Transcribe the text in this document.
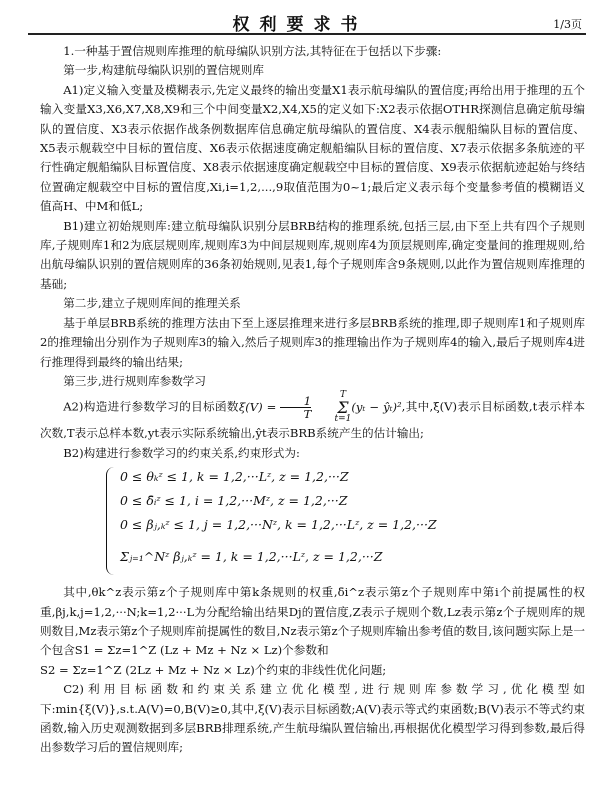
权利要求书	1/3页

1.一种基于置信规则库推理的航母编队识别方法,其特征在于包括以下步骤:

第一步,构建航母编队识别的置信规则库

A1)定义输入变量及模糊表示,先定义最终的输出变量X1表示航母编队的置信度;再给出用于推理的五个输入变量X3,X6,X7,X8,X9和三个中间变量X2,X4,X5的定义如下:X2表示依据OTHR探测信息确定航母编队的置信度、X3表示依据作战条例数据库信息确定航母编队的置信度、X4表示舰船编队目标的置信度、X5表示舰载空中目标的置信度、X6表示依据速度确定舰船编队目标的置信度、X7表示依据多条航迹的平行性确定舰船编队目标置信度、X8表示依据速度确定舰载空中目标的置信度、X9表示依据航迹起始与终结位置确定舰载空中目标的置信度,Xi,i=1,2,...,9取值范围为0~1;最后定义表示每个变量参考值的模糊语义值高H、中M和低L;

B1)建立初始规则库:建立航母编队识别分层BRB结构的推理系统,包括三层,由下至上共有四个子规则库,子规则库1和2为底层规则库,规则库3为中间层规则库,规则库4为顶层规则库,确定变量间的推理规则,给出航母编队识别的置信规则库的36条初始规则,见表1,每个子规则库含9条规则,以此作为置信规则库推理的基础;

第二步,建立子规则库间的推理关系

基于单层BRB系统的推理方法由下至上逐层推理来进行多层BRB系统的推理,即子规则库1和子规则库2的推理输出分别作为子规则库3的输入,然后子规则库3的推理输出作为子规则库4的输入,最后子规则库4进行推理得到最终的输出结果;

第三步,进行规则库参数学习

A2)构造进行参数学习的目标函数$\xi(V) = \frac{1}{T}$	T
Σ
t=1
(yₜ − ŷₜ)²,其中,ξ(V)表示目标函数,t表示样本次数,T表示总样本数,yt表示实际系统输出,ŷt表示BRB系统产生的估计输出;

B2)构建进行参数学习的约束关系,约束形式为:

0 ≤ θₖᶻ ≤ 1, k = 1,2,···Lᶻ, z = 1,2,···Z
0 ≤ δ̄ᵢᶻ ≤ 1, i = 1,2,···Mᶻ, z = 1,2,···Z
0 ≤ βⱼ,ₖᶻ ≤ 1, j = 1,2,···Nᶻ, k = 1,2,···Lᶻ, z = 1,2,···Z
Σⱼ₌₁^Nᶻ βⱼ,ₖᶻ = 1, k = 1,2,···Lᶻ, z = 1,2,···Z

其中,θk^z表示第z个子规则库中第k条规则的权重,δ̄i^z表示第z个子规则库中第i个前提属性的权重,βj,k,j=1,2,···N;k=1,2···L为分配给输出结果Dj的置信度,Z表示子规则个数,Lz表示第z个子规则库的规则数目,Mz表示第z个子规则库前提属性的数目,Nz表示第z个子规则库输出参考值的数目,该问题实际上是一个包含S1 = Σz=1^Z (Lz + Mz + Nz × Lz)个参数和

S2 = Σz=1^Z (2Lz + Mz + Nz × Lz)个约束的非线性优化问题;

C2)利用目标函数和约束关系建立优化模型,进行规则库参数学习,优化模型如下:min{ξ(V)},s.t.A(V)=0,B(V)≥0,其中,ξ(V)表示目标函数;A(V)表示等式约束函数;B(V)表示不等式约束函数,输入历史观测数据到多层BRB排理系统,产生航母编队置信输出,再根据优化模型学习得到参数,最后得出参数学习后的置信规则库;
